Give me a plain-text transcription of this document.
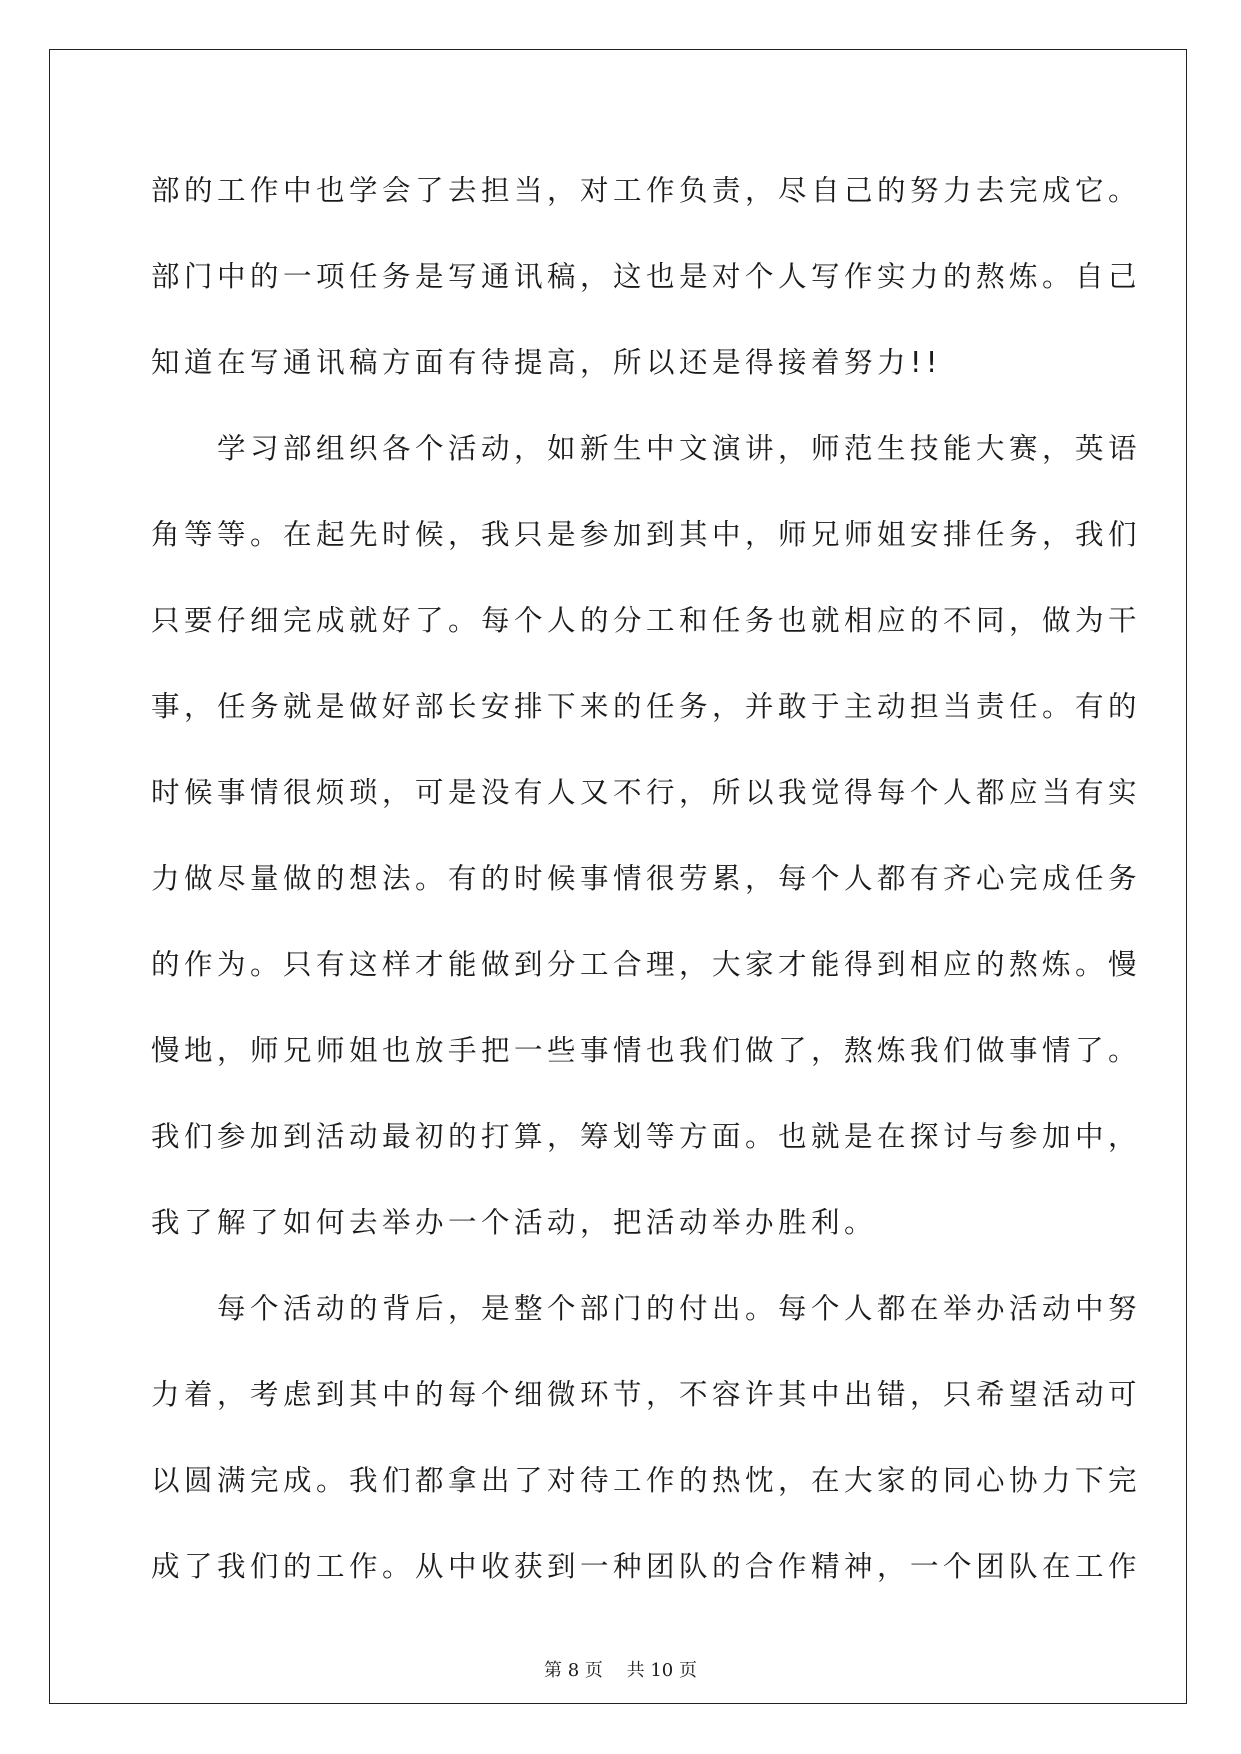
部的工作中也学会了去担当，对工作负责，尽自己的努力去完成它。
部门中的一项任务是写通讯稿，这也是对个人写作实力的熬炼。自己
知道在写通讯稿方面有待提高，所以还是得接着努力!!
　　学习部组织各个活动，如新生中文演讲，师范生技能大赛，英语
角等等。在起先时候，我只是参加到其中，师兄师姐安排任务，我们
只要仔细完成就好了。每个人的分工和任务也就相应的不同，做为干
事，任务就是做好部长安排下来的任务，并敢于主动担当责任。有的
时候事情很烦琐，可是没有人又不行，所以我觉得每个人都应当有实
力做尽量做的想法。有的时候事情很劳累，每个人都有齐心完成任务
的作为。只有这样才能做到分工合理，大家才能得到相应的熬炼。慢
慢地，师兄师姐也放手把一些事情也我们做了，熬炼我们做事情了。
我们参加到活动最初的打算，筹划等方面。也就是在探讨与参加中，
我了解了如何去举办一个活动，把活动举办胜利。
　　每个活动的背后，是整个部门的付出。每个人都在举办活动中努
力着，考虑到其中的每个细微环节，不容许其中出错，只希望活动可
以圆满完成。我们都拿出了对待工作的热忱，在大家的同心协力下完
成了我们的工作。从中收获到一种团队的合作精神，一个团队在工作
第 8 页　 共 10 页
